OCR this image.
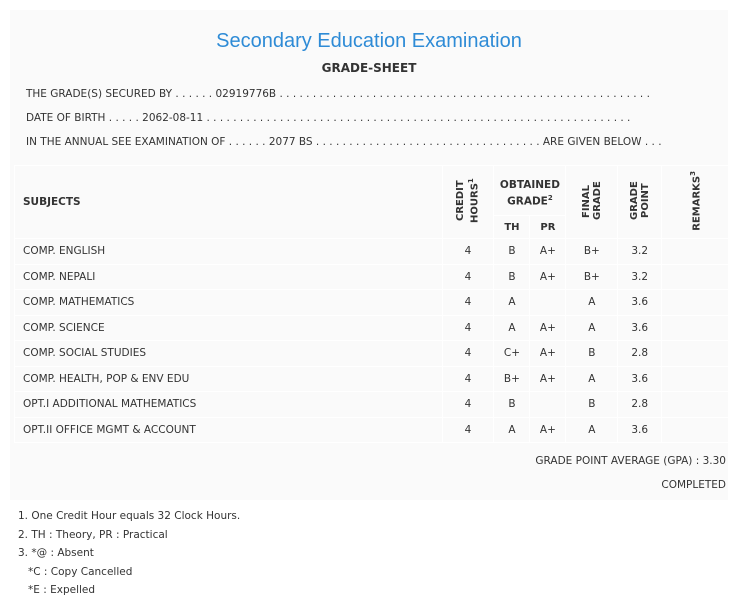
Secondary Education Examination
GRADE-SHEET
THE GRADE(S) SECURED BY . . . . . . 02919776B . . . . . . . . . . . . . . . . . . . . . . . . . . . . . . . . . . . . . . . . . . . . . . . . . . . . . . . .
DATE OF BIRTH . . . . . 2062-08-11 . . . . . . . . . . . . . . . . . . . . . . . . . . . . . . . . . . . . . . . . . . . . . . . . . . . . . . . . . . . . . . . .
IN THE ANNUAL SEE EXAMINATION OF . . . . . . 2077 BS . . . . . . . . . . . . . . . . . . . . . . . . . . . . . . . . . . ARE GIVEN BELOW . . .
SUBJECTS	CREDIT HOURS$^1$	OBTAINED GRADE$^2$		FINAL GRADE	GRADE POINT	REMARKS$^3$
		TH	PR			
COMP. ENGLISH	4	B	A+	B+	3.2	
COMP. NEPALI	4	B	A+	B+	3.2	
COMP. MATHEMATICS	4	A		A	3.6	
COMP. SCIENCE	4	A	A+	A	3.6	
COMP. SOCIAL STUDIES	4	C+	A+	B	2.8	
COMP. HEALTH, POP & ENV EDU	4	B+	A+	A	3.6	
OPT.I ADDITIONAL MATHEMATICS	4	B		B	2.8	
OPT.II OFFICE MGMT & ACCOUNT	4	A	A+	A	3.6	
GRADE POINT AVERAGE (GPA) : 3.30
COMPLETED
1. One Credit Hour equals 32 Clock Hours.
2. TH : Theory, PR : Practical
3. *@ : Absent
*C : Copy Cancelled
*E : Expelled
